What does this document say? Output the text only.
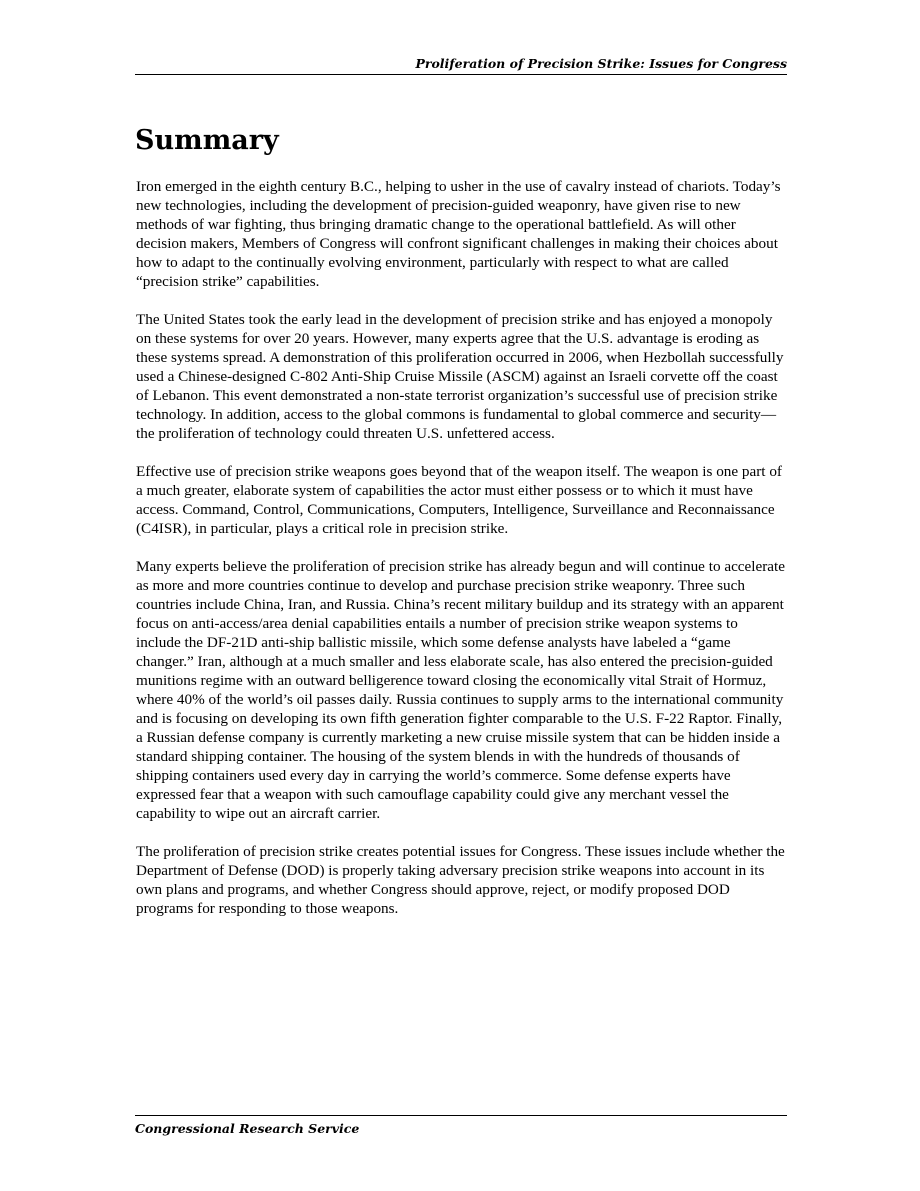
Proliferation of Precision Strike: Issues for Congress
Summary

Iron emerged in the eighth century B.C., helping to usher in the use of cavalry instead of chariots. Today’s new technologies, including the development of precision-guided weaponry, have given rise to new methods of war fighting, thus bringing dramatic change to the operational battlefield. As will other decision makers, Members of Congress will confront significant challenges in making their choices about how to adapt to the continually evolving environment, particularly with respect to what are called “precision strike” capabilities.

The United States took the early lead in the development of precision strike and has enjoyed a monopoly on these systems for over 20 years. However, many experts agree that the U.S. advantage is eroding as these systems spread. A demonstration of this proliferation occurred in 2006, when Hezbollah successfully used a Chinese-designed C-802 Anti-Ship Cruise Missile (ASCM) against an Israeli corvette off the coast of Lebanon. This event demonstrated a non-state terrorist organization’s successful use of precision strike technology. In addition, access to the global commons is fundamental to global commerce and security—the proliferation of technology could threaten U.S. unfettered access.

Effective use of precision strike weapons goes beyond that of the weapon itself. The weapon is one part of a much greater, elaborate system of capabilities the actor must either possess or to which it must have access. Command, Control, Communications, Computers, Intelligence, Surveillance and Reconnaissance (C4ISR), in particular, plays a critical role in precision strike.

Many experts believe the proliferation of precision strike has already begun and will continue to accelerate as more and more countries continue to develop and purchase precision strike weaponry. Three such countries include China, Iran, and Russia. China’s recent military buildup and its strategy with an apparent focus on anti-access/area denial capabilities entails a number of precision strike weapon systems to include the DF-21D anti-ship ballistic missile, which some defense analysts have labeled a “game changer.” Iran, although at a much smaller and less elaborate scale, has also entered the precision-guided munitions regime with an outward belligerence toward closing the economically vital Strait of Hormuz, where 40% of the world’s oil passes daily. Russia continues to supply arms to the international community and is focusing on developing its own fifth generation fighter comparable to the U.S. F-22 Raptor. Finally, a Russian defense company is currently marketing a new cruise missile system that can be hidden inside a standard shipping container. The housing of the system blends in with the hundreds of thousands of shipping containers used every day in carrying the world’s commerce. Some defense experts have expressed fear that a weapon with such camouflage capability could give any merchant vessel the capability to wipe out an aircraft carrier.

The proliferation of precision strike creates potential issues for Congress. These issues include whether the Department of Defense (DOD) is properly taking adversary precision strike weapons into account in its own plans and programs, and whether Congress should approve, reject, or modify proposed DOD programs for responding to those weapons.

Congressional Research Service
